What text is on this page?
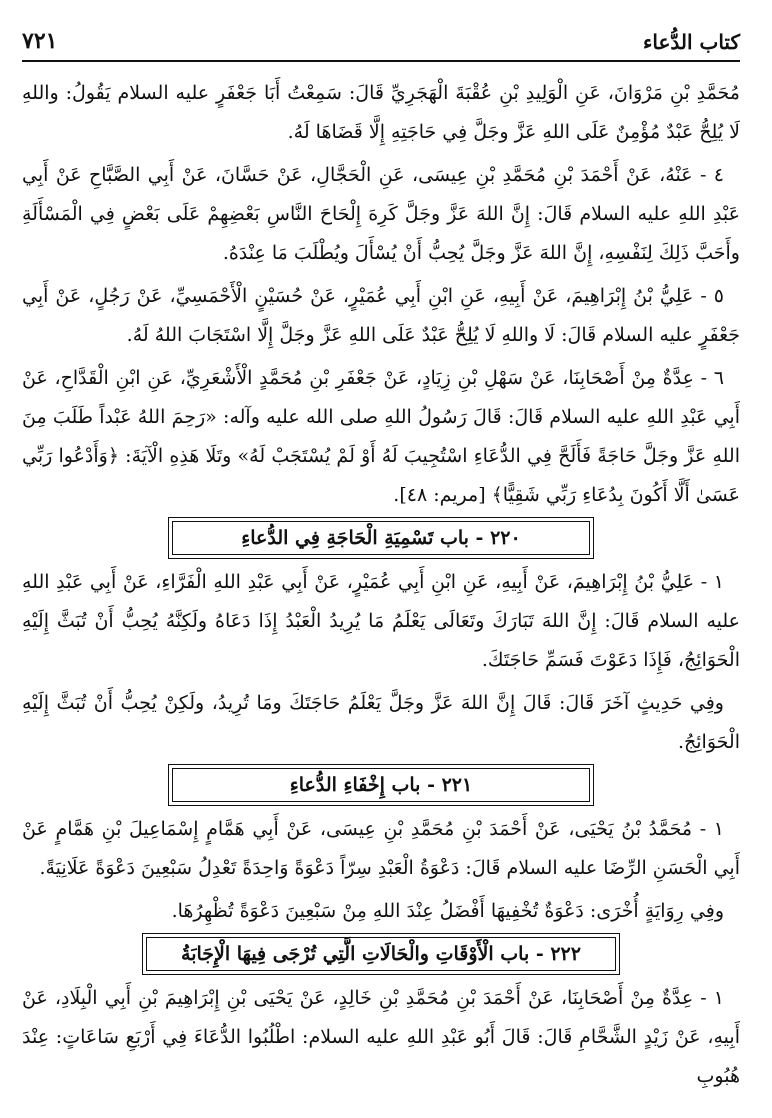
كتاب الدُّعاء
٧٢١

مُحَمَّدِ بْنِ مَرْوَانَ، عَنِ الْوَلِيدِ بْنِ عُقْبَةَ الْهَجَرِيِّ قَالَ: سَمِعْتُ أَبَا جَعْفَرٍ عليه السلام يَقُولُ: واللهِ لَا يُلِحُّ عَبْدٌ مُؤْمِنٌ عَلَى اللهِ عَزَّ وجَلَّ فِي حَاجَتِهِ إِلَّا قَضَاهَا لَهُ.

٤ - عَنْهُ، عَنْ أَحْمَدَ بْنِ مُحَمَّدِ بْنِ عِيسَى، عَنِ الْحَجَّالِ، عَنْ حَسَّانَ، عَنْ أَبِي الصَّبَّاحِ عَنْ أَبِي عَبْدِ اللهِ عليه السلام قَالَ: إِنَّ اللهَ عَزَّ وجَلَّ كَرِهَ إِلْحَاحَ النَّاسِ بَعْضِهِمْ عَلَى بَعْضٍ فِي الْمَسْأَلَةِ وأَحَبَّ ذَلِكَ لِنَفْسِهِ، إِنَّ اللهَ عَزَّ وجَلَّ يُحِبُّ أَنْ يُسْأَلَ ويُطْلَبَ مَا عِنْدَهُ.

٥ - عَلِيُّ بْنُ إِبْرَاهِيمَ، عَنْ أَبِيهِ، عَنِ ابْنِ أَبِي عُمَيْرٍ، عَنْ حُسَيْنٍ الْأَحْمَسِيِّ، عَنْ رَجُلٍ، عَنْ أَبِي جَعْفَرٍ عليه السلام قَالَ: لَا واللهِ لَا يُلِحُّ عَبْدٌ عَلَى اللهِ عَزَّ وجَلَّ إِلَّا اسْتَجَابَ اللهُ لَهُ.

٦ - عِدَّةٌ مِنْ أَصْحَابِنَا، عَنْ سَهْلِ بْنِ زِيَادٍ، عَنْ جَعْفَرِ بْنِ مُحَمَّدٍ الْأَشْعَرِيِّ، عَنِ ابْنِ الْقَدَّاحِ، عَنْ أَبِي عَبْدِ اللهِ عليه السلام قَالَ: قَالَ رَسُولُ اللهِ صلى الله عليه وآله: «رَحِمَ اللهُ عَبْداً طَلَبَ مِنَ اللهِ عَزَّ وجَلَّ حَاجَةً فَأَلَحَّ فِي الدُّعَاءِ اسْتُجِيبَ لَهُ أَوْ لَمْ يُسْتَجَبْ لَهُ» وتَلَا هَذِهِ الْآيَةَ: ﴿وَأَدْعُوا رَبِّي عَسَىٰ أَلَّا أَكُونَ بِدُعَاءِ رَبِّي شَقِيًّا﴾ [مريم: ٤٨].

٢٢٠ - باب تَسْمِيَةِ الْحَاجَةِ فِي الدُّعاءِ

١ - عَلِيُّ بْنُ إِبْرَاهِيمَ، عَنْ أَبِيهِ، عَنِ ابْنِ أَبِي عُمَيْرٍ، عَنْ أَبِي عَبْدِ اللهِ الْفَرَّاءِ، عَنْ أَبِي عَبْدِ اللهِ عليه السلام قَالَ: إِنَّ اللهَ تَبَارَكَ وتَعَالَى يَعْلَمُ مَا يُرِيدُ الْعَبْدُ إِذَا دَعَاهُ ولَكِنَّهُ يُحِبُّ أَنْ تُبَثَّ إِلَيْهِ الْحَوَائِجُ، فَإِذَا دَعَوْتَ فَسَمِّ حَاجَتَكَ.

وفِي حَدِيثٍ آخَرَ قَالَ: قَالَ إِنَّ اللهَ عَزَّ وجَلَّ يَعْلَمُ حَاجَتَكَ ومَا تُرِيدُ، ولَكِنْ يُحِبُّ أَنْ تُبَثَّ إِلَيْهِ الْحَوَائِجُ.

٢٢١ - باب إِخْفَاءِ الدُّعاءِ

١ - مُحَمَّدُ بْنُ يَحْيَى، عَنْ أَحْمَدَ بْنِ مُحَمَّدِ بْنِ عِيسَى، عَنْ أَبِي هَمَّامٍ إِسْمَاعِيلَ بْنِ هَمَّامٍ عَنْ أَبِي الْحَسَنِ الرِّضَا عليه السلام قَالَ: دَعْوَةُ الْعَبْدِ سِرّاً دَعْوَةً وَاحِدَةً تَعْدِلُ سَبْعِينَ دَعْوَةً عَلَانِيَةً.

وفِي رِوَايَةٍ أُخْرَى: دَعْوَةٌ تُخْفِيهَا أَفْضَلُ عِنْدَ اللهِ مِنْ سَبْعِينَ دَعْوَةً تُظْهِرُهَا.

٢٢٢ - باب الْأَوْقَاتِ والْحَالَاتِ الَّتِي تُرْجَى فِيهَا الْإِجَابَةُ

١ - عِدَّةٌ مِنْ أَصْحَابِنَا، عَنْ أَحْمَدَ بْنِ مُحَمَّدِ بْنِ خَالِدٍ، عَنْ يَحْيَى بْنِ إِبْرَاهِيمَ بْنِ أَبِي الْبِلَادِ، عَنْ أَبِيهِ، عَنْ زَيْدٍ الشَّحَّامِ قَالَ: قَالَ أَبُو عَبْدِ اللهِ عليه السلام: اطْلُبُوا الدُّعَاءَ فِي أَرْبَعِ سَاعَاتٍ: عِنْدَ هُبُوبِ
